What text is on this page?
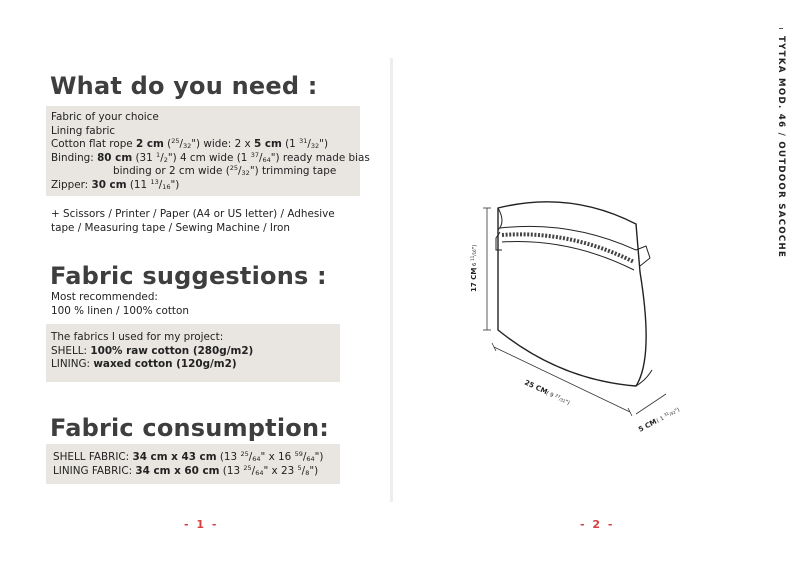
What do you need :
Fabric of your choice
Lining fabric
Cotton flat rope 2 cm $(^{25}/_{32}")$ wide: 2 x 5 cm (1 $^{31}/_{32}$")
Binding: 80 cm (31 $^1/_2$") 4 cm wide (1 $^{37}/_{64}$") ready made bias
binding or 2 cm wide $(^{25}/_{32}")$ trimming tape
Zipper: 30 cm (11 $^{13}/_{16}$")
+ Scissors / Printer / Paper (A4 or US letter) / Adhesive
tape / Measuring tape / Sewing Machine / Iron
Fabric suggestions :
Most recommended:
100 % linen / 100% cotton
The fabrics I used for my project:
SHELL: 100% raw cotton (280g/m2)
LINING: waxed cotton (120g/m2)
Fabric consumption:
SHELL FABRIC: 34 cm x 43 cm (13 $^{25}/_{64}$" x 16 $^{59}/_{64}$")
LINING FABRIC: 34 cm x 60 cm (13 $^{25}/_{64}$" x 23 $^5/_8$")
- 1 -
17 CM
( 6 $^{11}_{/16}$")
25 CM
( 9 $^{27}_{/32}$")
5 CM
( 1 $^{31}_{/32}$")
- 2 -
TYTKA MOD. 46 / OUTDOOR SACOCHE
